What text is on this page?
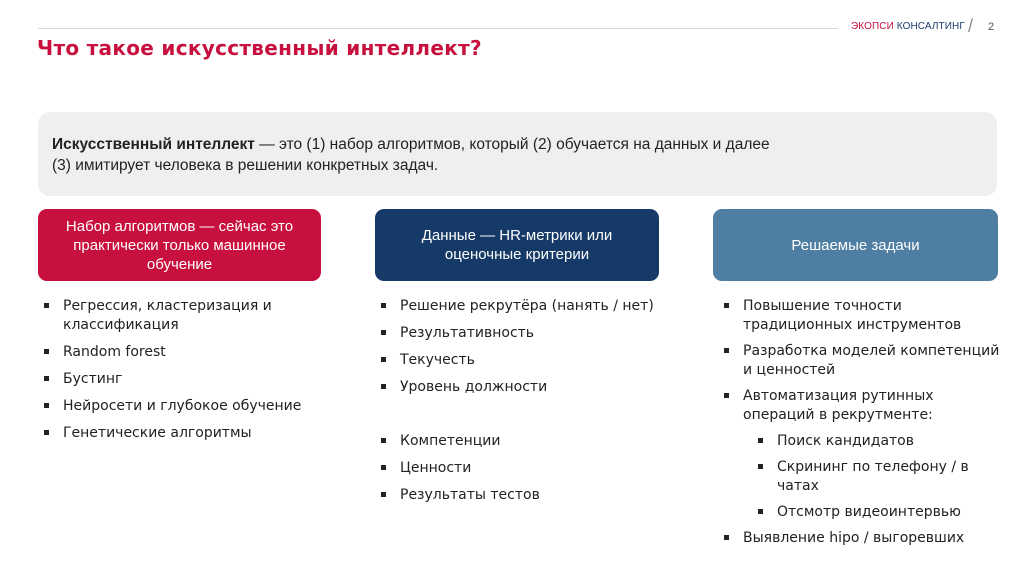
ЭКОПСИ КОНСАЛТИНГ / 2
Что такое искусственный интеллект?
Искусственный интеллект — это (1) набор алгоритмов, который (2) обучается на данных и далее
(3) имитирует человека в решении конкретных задач.
Набор алгоритмов — сейчас это практически только машинное обучение
Данные — HR-метрики или оценочные критерии
Решаемые задачи
Регрессия, кластеризация и классификация
Random forest
Бустинг
Нейросети и глубокое обучение
Генетические алгоритмы
Решение рекрутёра (нанять / нет)
Результативность
Текучесть
Уровень должности
Компетенции
Ценности
Результаты тестов
Повышение точности традиционных инструментов
Разработка моделей компетенций и ценностей
Автоматизация рутинных операций в рекрутменте:
Поиск кандидатов
Скрининг по телефону / в чатах
Отсмотр видеоинтервью
Выявление hipo / выгоревших
